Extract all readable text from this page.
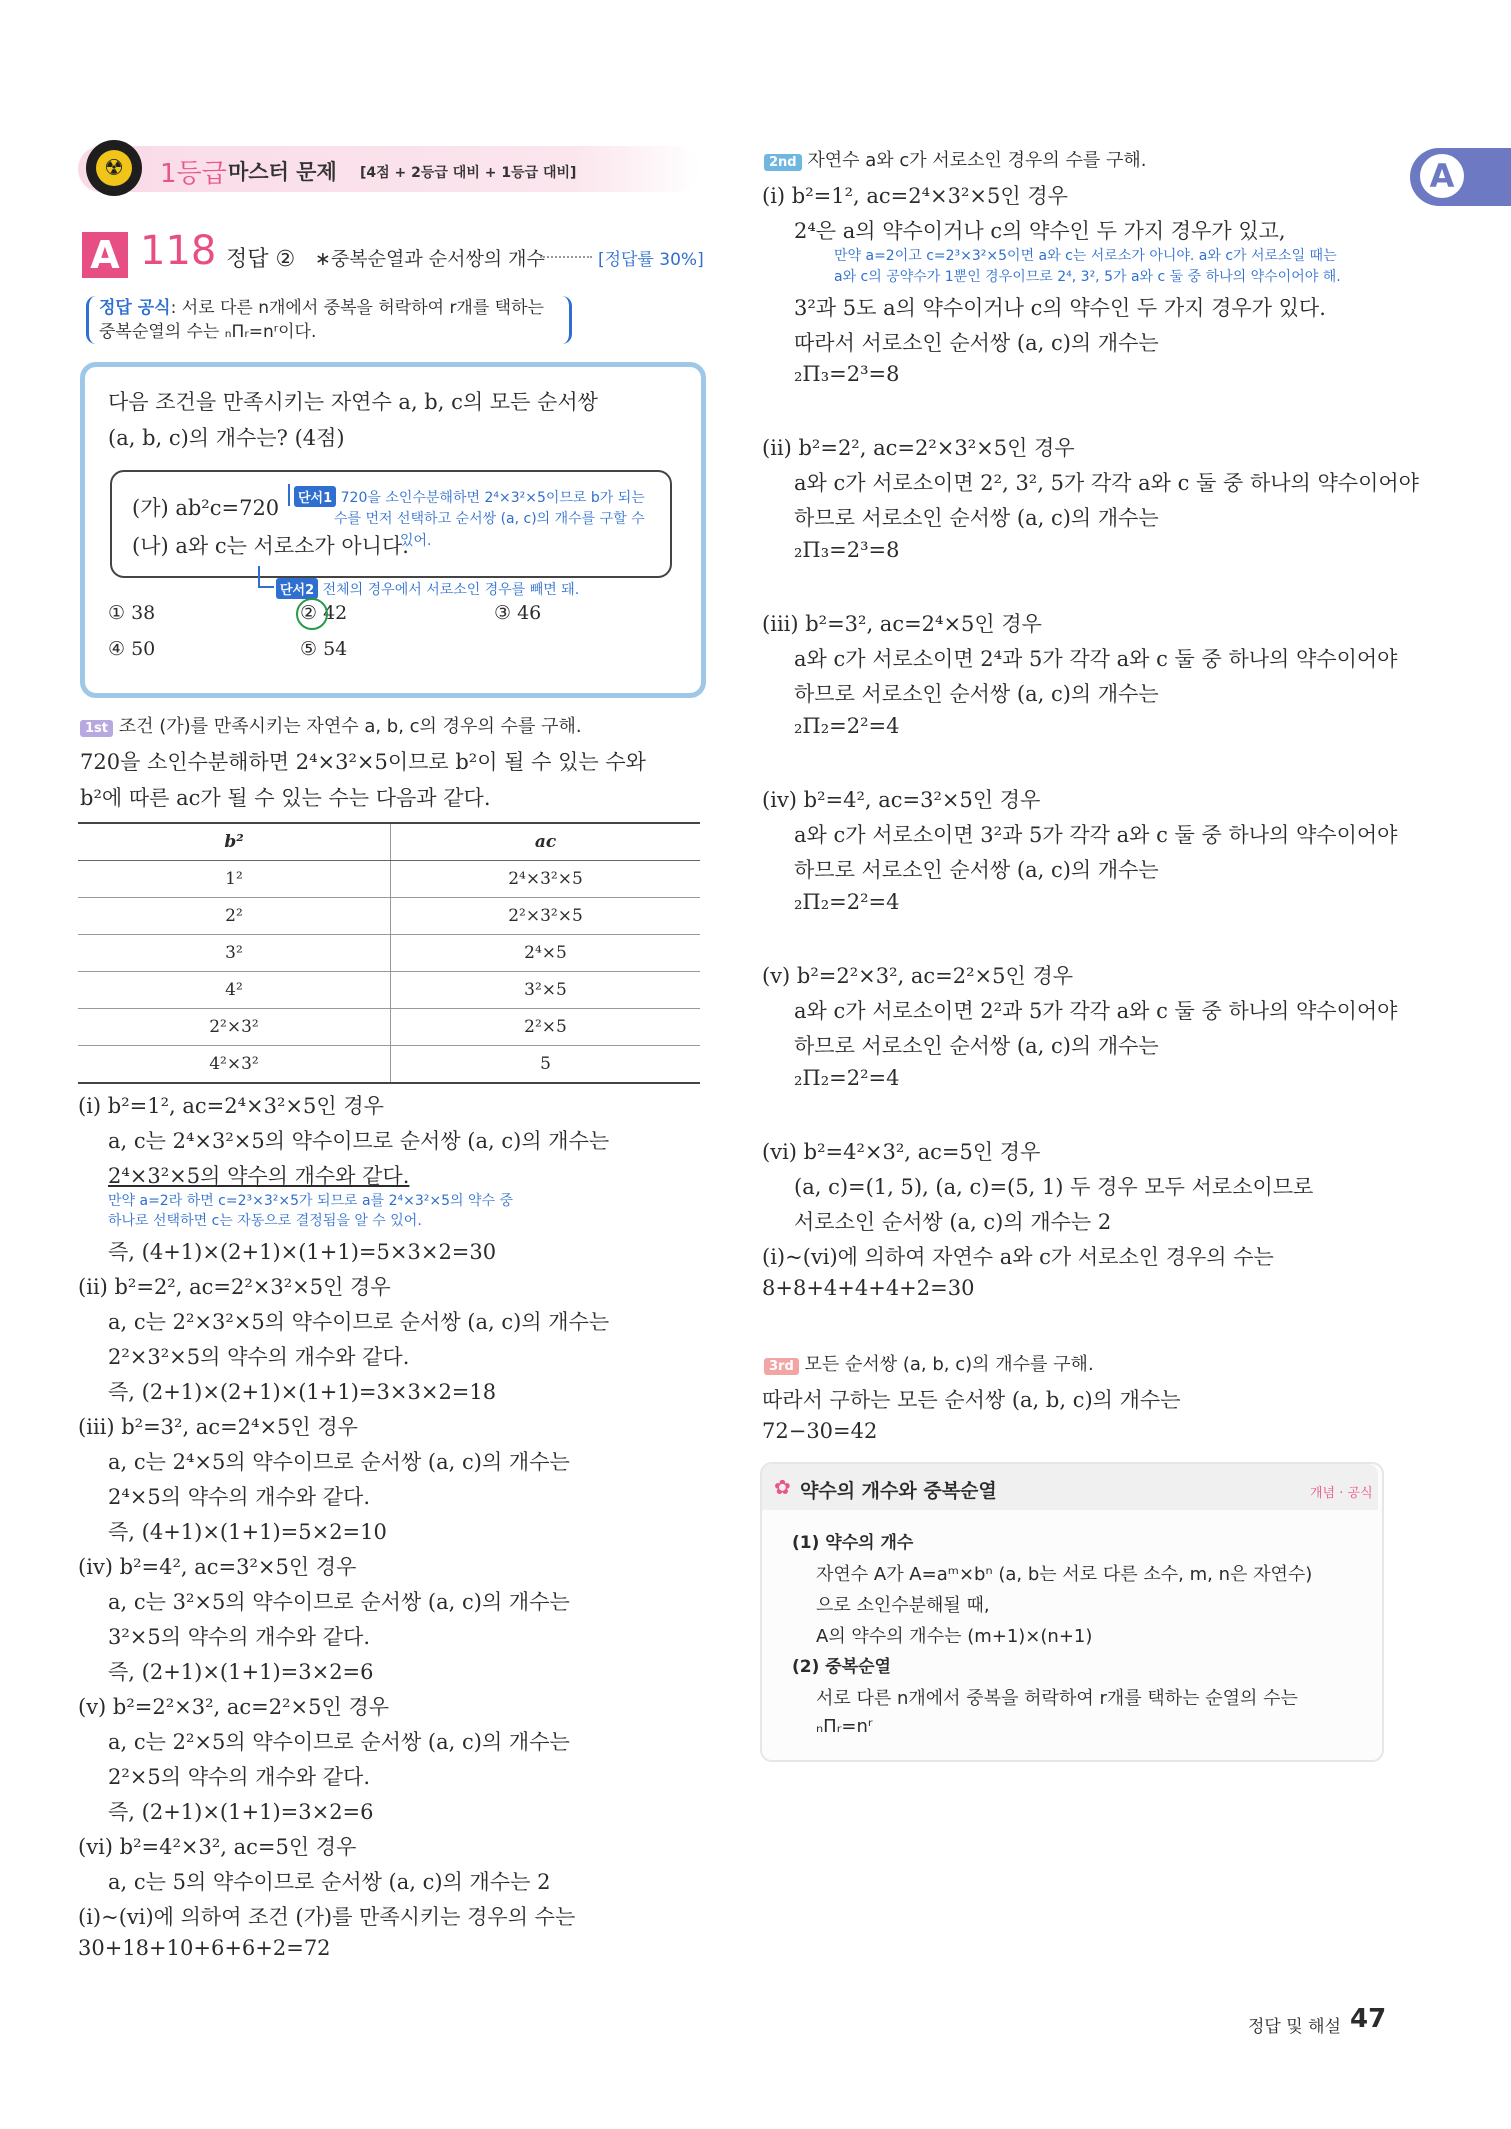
☢	1등급 마스터 문제 [4점 + 2등급 대비 + 1등급 대비]	A
A 118 정답 ② ∗중복순열과 순서쌍의 개수	[정답률 30%]
정답 공식: 서로 다른 n개에서 중복을 허락하여 r개를 택하는
중복순열의 수는 ₙΠᵣ=nʳ이다.
다음 조건을 만족시키는 자연수 a, b, c의 모든 순서쌍
(a, b, c)의 개수는? (4점)
(가) ab²c=720
(나) a와 c는 서로소가 아니다.
단서1 720을 소인수분해하면 2⁴×3²×5이므로 b가 되는
수를 먼저 선택하고 순서쌍 (a, c)의 개수를 구할 수
있어.
단서2 전체의 경우에서 서로소인 경우를 빼면 돼.
① 38	② 42	③ 46
④ 50	⑤ 54
1st 조건 (가)를 만족시키는 자연수 a, b, c의 경우의 수를 구해.
720을 소인수분해하면 2⁴×3²×5이므로 b²이 될 수 있는 수와
b²에 따른 ac가 될 수 있는 수는 다음과 같다.
b²	ac
1²	2⁴×3²×5
2²	2²×3²×5
3²	2⁴×5
4²	3²×5
2²×3²	2²×5
4²×3²	5
(ⅰ) b²=1², ac=2⁴×3²×5인 경우
a, c는 2⁴×3²×5의 약수이므로 순서쌍 (a, c)의 개수는
2⁴×3²×5의 약수의 개수와 같다.
만약 a=2라 하면 c=2³×3²×5가 되므로 a를 2⁴×3²×5의 약수 중
하나로 선택하면 c는 자동으로 결정됨을 알 수 있어.
즉, (4+1)×(2+1)×(1+1)=5×3×2=30
(ⅱ) b²=2², ac=2²×3²×5인 경우
a, c는 2²×3²×5의 약수이므로 순서쌍 (a, c)의 개수는
2²×3²×5의 약수의 개수와 같다.
즉, (2+1)×(2+1)×(1+1)=3×3×2=18
(ⅲ) b²=3², ac=2⁴×5인 경우
a, c는 2⁴×5의 약수이므로 순서쌍 (a, c)의 개수는
2⁴×5의 약수의 개수와 같다.
즉, (4+1)×(1+1)=5×2=10
(ⅳ) b²=4², ac=3²×5인 경우
a, c는 3²×5의 약수이므로 순서쌍 (a, c)의 개수는
3²×5의 약수의 개수와 같다.
즉, (2+1)×(1+1)=3×2=6
(ⅴ) b²=2²×3², ac=2²×5인 경우
a, c는 2²×5의 약수이므로 순서쌍 (a, c)의 개수는
2²×5의 약수의 개수와 같다.
즉, (2+1)×(1+1)=3×2=6
(ⅵ) b²=4²×3², ac=5인 경우
a, c는 5의 약수이므로 순서쌍 (a, c)의 개수는 2
(ⅰ)~(ⅵ)에 의하여 조건 (가)를 만족시키는 경우의 수는
30+18+10+6+6+2=72
2nd 자연수 a와 c가 서로소인 경우의 수를 구해.
(ⅰ) b²=1², ac=2⁴×3²×5인 경우
2⁴은 a의 약수이거나 c의 약수인 두 가지 경우가 있고,
만약 a=2이고 c=2³×3²×5이면 a와 c는 서로소가 아니야. a와 c가 서로소일 때는
a와 c의 공약수가 1뿐인 경우이므로 2⁴, 3², 5가 a와 c 둘 중 하나의 약수이어야 해.
3²과 5도 a의 약수이거나 c의 약수인 두 가지 경우가 있다.
따라서 서로소인 순서쌍 (a, c)의 개수는
₂Π₃=2³=8
(ⅱ) b²=2², ac=2²×3²×5인 경우
a와 c가 서로소이면 2², 3², 5가 각각 a와 c 둘 중 하나의 약수이어야
하므로 서로소인 순서쌍 (a, c)의 개수는
₂Π₃=2³=8
(ⅲ) b²=3², ac=2⁴×5인 경우
a와 c가 서로소이면 2⁴과 5가 각각 a와 c 둘 중 하나의 약수이어야
하므로 서로소인 순서쌍 (a, c)의 개수는
₂Π₂=2²=4
(ⅳ) b²=4², ac=3²×5인 경우
a와 c가 서로소이면 3²과 5가 각각 a와 c 둘 중 하나의 약수이어야
하므로 서로소인 순서쌍 (a, c)의 개수는
₂Π₂=2²=4
(ⅴ) b²=2²×3², ac=2²×5인 경우
a와 c가 서로소이면 2²과 5가 각각 a와 c 둘 중 하나의 약수이어야
하므로 서로소인 순서쌍 (a, c)의 개수는
₂Π₂=2²=4
(ⅵ) b²=4²×3², ac=5인 경우
(a, c)=(1, 5), (a, c)=(5, 1) 두 경우 모두 서로소이므로
서로소인 순서쌍 (a, c)의 개수는 2
(ⅰ)~(ⅵ)에 의하여 자연수 a와 c가 서로소인 경우의 수는
8+8+4+4+4+2=30
3rd 모든 순서쌍 (a, b, c)의 개수를 구해.
따라서 구하는 모든 순서쌍 (a, b, c)의 개수는
72−30=42
✿ 약수의 개수와 중복순열	개념 · 공식
(1) 약수의 개수
자연수 A가 A=aᵐ×bⁿ (a, b는 서로 다른 소수, m, n은 자연수)
으로 소인수분해될 때,
A의 약수의 개수는 (m+1)×(n+1)
(2) 중복순열
서로 다른 n개에서 중복을 허락하여 r개를 택하는 순열의 수는
ₙΠᵣ=nʳ
정답 및 해설 47
